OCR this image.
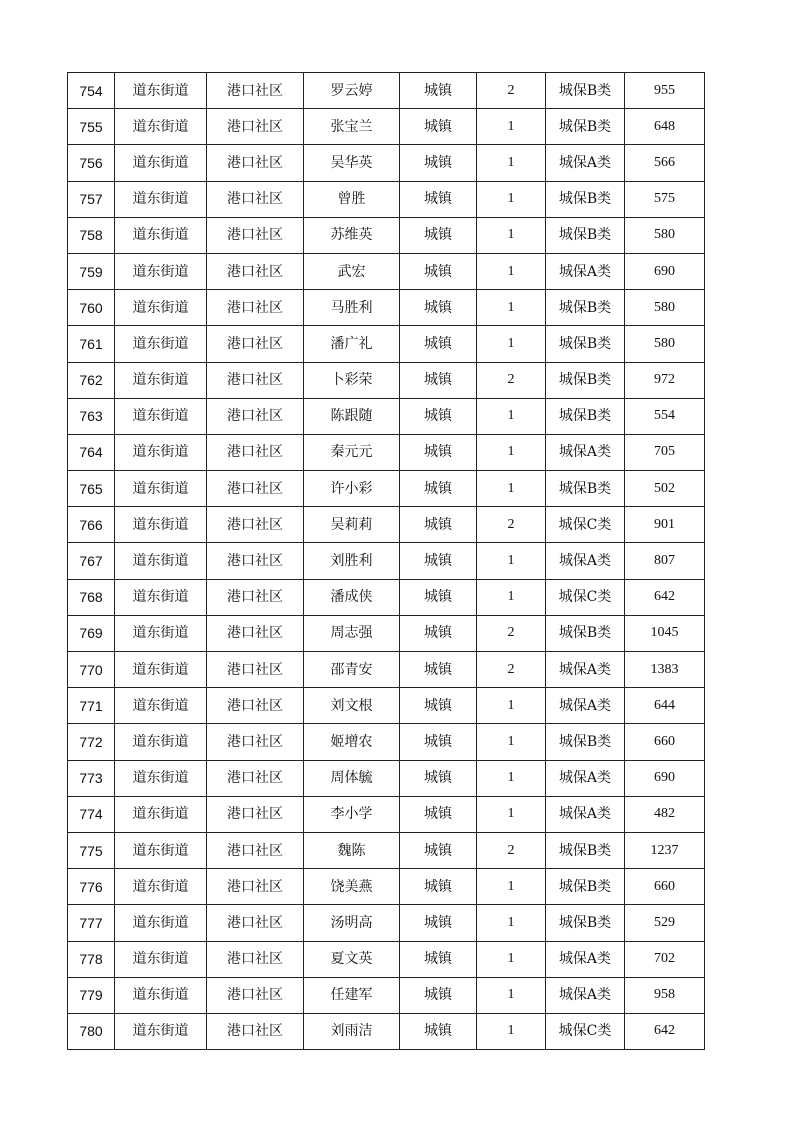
754	道东街道	港口社区	罗云婷	城镇	2	城保B类	955
755	道东街道	港口社区	张宝兰	城镇	1	城保B类	648
756	道东街道	港口社区	吴华英	城镇	1	城保A类	566
757	道东街道	港口社区	曾胜	城镇	1	城保B类	575
758	道东街道	港口社区	苏维英	城镇	1	城保B类	580
759	道东街道	港口社区	武宏	城镇	1	城保A类	690
760	道东街道	港口社区	马胜利	城镇	1	城保B类	580
761	道东街道	港口社区	潘广礼	城镇	1	城保B类	580
762	道东街道	港口社区	卜彩荣	城镇	2	城保B类	972
763	道东街道	港口社区	陈跟随	城镇	1	城保B类	554
764	道东街道	港口社区	秦元元	城镇	1	城保A类	705
765	道东街道	港口社区	许小彩	城镇	1	城保B类	502
766	道东街道	港口社区	吴莉莉	城镇	2	城保C类	901
767	道东街道	港口社区	刘胜利	城镇	1	城保A类	807
768	道东街道	港口社区	潘成侠	城镇	1	城保C类	642
769	道东街道	港口社区	周志强	城镇	2	城保B类	1045
770	道东街道	港口社区	邵青安	城镇	2	城保A类	1383
771	道东街道	港口社区	刘文根	城镇	1	城保A类	644
772	道东街道	港口社区	姬增农	城镇	1	城保B类	660
773	道东街道	港口社区	周体毓	城镇	1	城保A类	690
774	道东街道	港口社区	李小学	城镇	1	城保A类	482
775	道东街道	港口社区	魏陈	城镇	2	城保B类	1237
776	道东街道	港口社区	饶美燕	城镇	1	城保B类	660
777	道东街道	港口社区	汤明高	城镇	1	城保B类	529
778	道东街道	港口社区	夏文英	城镇	1	城保A类	702
779	道东街道	港口社区	任建军	城镇	1	城保A类	958
780	道东街道	港口社区	刘雨洁	城镇	1	城保C类	642
